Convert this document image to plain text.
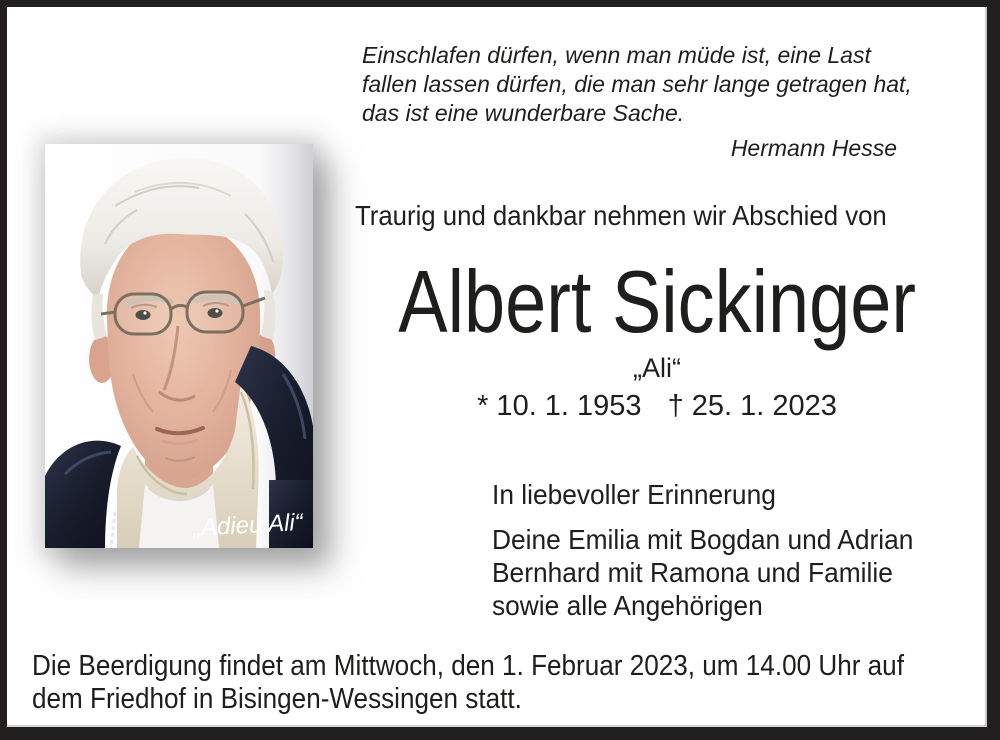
„Adieu Ali“
Einschlafen dürfen, wenn man müde ist, eine Last
fallen lassen dürfen, die man sehr lange getragen hat,
das ist eine wunderbare Sache.
Hermann Hesse
Traurig und dankbar nehmen wir Abschied von
Albert Sickinger
„Ali“
* 10. 1. 1953 † 25. 1. 2023
In liebevoller Erinnerung
Deine Emilia mit Bogdan und Adrian
Bernhard mit Ramona und Familie
sowie alle Angehörigen
Die Beerdigung findet am Mittwoch, den 1. Februar 2023, um 14.00 Uhr auf
dem Friedhof in Bisingen-Wessingen statt.
